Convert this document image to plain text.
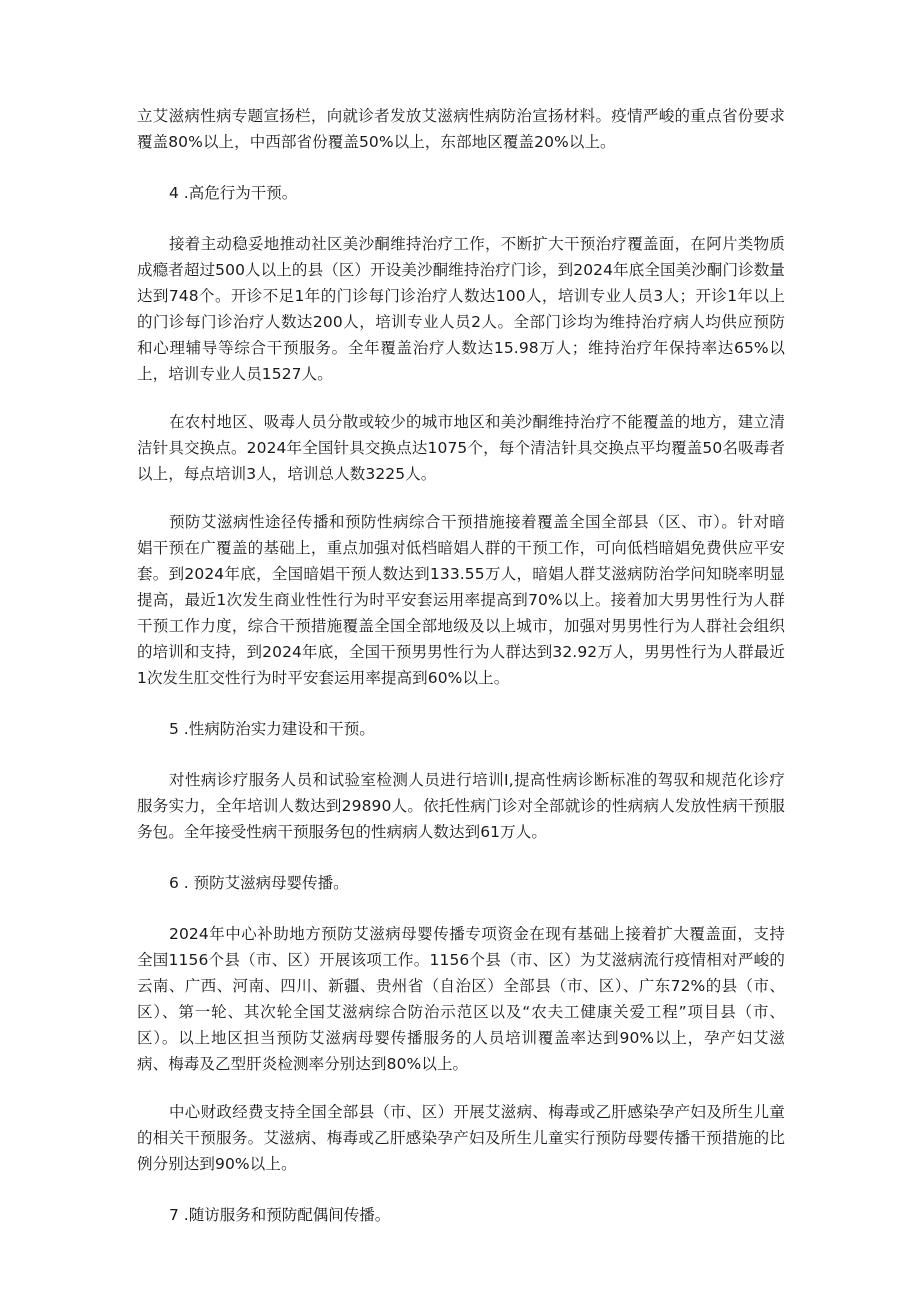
立艾滋病性病专题宣扬栏，向就诊者发放艾滋病性病防治宣扬材料。疫情严峻的重点省份要求覆盖80%以上，中西部省份覆盖50%以上，东部地区覆盖20%以上。

4 .高危行为干预。

接着主动稳妥地推动社区美沙酮维持治疗工作，不断扩大干预治疗覆盖面，在阿片类物质成瘾者超过500人以上的县（区）开设美沙酮维持治疗门诊，到2024年底全国美沙酮门诊数量达到748个。开诊不足1年的门诊每门诊治疗人数达100人，培训专业人员3人；开诊1年以上的门诊每门诊治疗人数达200人，培训专业人员2人。全部门诊均为维持治疗病人均供应预防和心理辅导等综合干预服务。全年覆盖治疗人数达15.98万人；维持治疗年保持率达65%以上，培训专业人员1527人。

在农村地区、吸毒人员分散或较少的城市地区和美沙酮维持治疗不能覆盖的地方，建立清洁针具交换点。2024年全国针具交换点达1075个，每个清洁针具交换点平均覆盖50名吸毒者以上，每点培训3人，培训总人数3225人。

预防艾滋病性途径传播和预防性病综合干预措施接着覆盖全国全部县（区、市）。针对暗娼干预在广覆盖的基础上，重点加强对低档暗娼人群的干预工作，可向低档暗娼免费供应平安套。到2024年底，全国暗娼干预人数达到133.55万人，暗娼人群艾滋病防治学问知晓率明显提高，最近1次发生商业性性行为时平安套运用率提高到70%以上。接着加大男男性行为人群干预工作力度，综合干预措施覆盖全国全部地级及以上城市，加强对男男性行为人群社会组织的培训和支持，到2024年底，全国干预男男性行为人群达到32.92万人，男男性行为人群最近1次发生肛交性行为时平安套运用率提高到60%以上。

5 .性病防治实力建设和干预。

对性病诊疗服务人员和试验室检测人员进行培训I,提高性病诊断标准的驾驭和规范化诊疗服务实力，全年培训人数达到29890人。依托性病门诊对全部就诊的性病病人发放性病干预服务包。全年接受性病干预服务包的性病病人数达到61万人。

6 . 预防艾滋病母婴传播。

2024年中心补助地方预防艾滋病母婴传播专项资金在现有基础上接着扩大覆盖面，支持全国1156个县（市、区）开展该项工作。1156个县（市、区）为艾滋病流行疫情相对严峻的云南、广西、河南、四川、新疆、贵州省（自治区）全部县（市、区）、广东72%的县（市、区）、第一轮、其次轮全国艾滋病综合防治示范区以及“农夫工健康关爱工程”项目县（市、区）。以上地区担当预防艾滋病母婴传播服务的人员培训覆盖率达到90%以上，孕产妇艾滋病、梅毒及乙型肝炎检测率分别达到80%以上。

中心财政经费支持全国全部县（市、区）开展艾滋病、梅毒或乙肝感染孕产妇及所生儿童的相关干预服务。艾滋病、梅毒或乙肝感染孕产妇及所生儿童实行预防母婴传播干预措施的比例分别达到90%以上。

7 .随访服务和预防配偶间传播。
